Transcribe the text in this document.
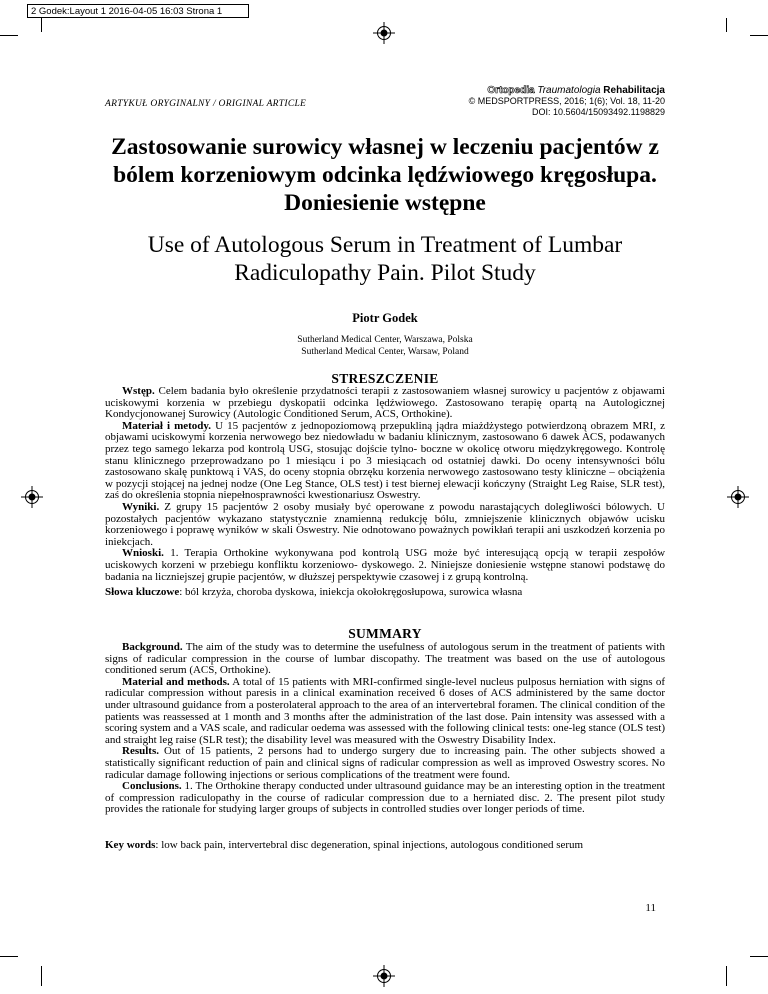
2 Godek:Layout 1 2016-04-05 16:03 Strona 1
ARTYKUŁ ORYGINALNY / ORIGINAL ARTICLE
Ortopedia Traumatologia Rehabilitacja
© MEDSPORTPRESS, 2016; 1(6); Vol. 18, 11-20
DOI: 10.5604/15093492.1198829
Zastosowanie surowicy własnej w leczeniu pacjentów z bólem korzeniowym odcinka lędźwiowego kręgosłupa. Doniesienie wstępne
Use of Autologous Serum in Treatment of Lumbar Radiculopathy Pain. Pilot Study
Piotr Godek
Sutherland Medical Center, Warszawa, Polska
Sutherland Medical Center, Warsaw, Poland
STRESZCZENIE

Wstęp. Celem badania było określenie przydatności terapii z zastosowaniem własnej surowicy u pacjentów z objawami uciskowymi korzenia w przebiegu dyskopatii odcinka lędźwiowego. Zastosowano terapię opartą na Autologicznej Kondycjonowanej Surowicy (Autologic Conditioned Serum, ACS, Orthokine).

Materiał i metody. U 15 pacjentów z jednopoziomową przepukliną jądra miażdżystego potwierdzoną obrazem MRI, z objawami uciskowymi korzenia nerwowego bez niedowładu w badaniu klinicznym, zastosowano 6 dawek ACS, podawanych przez tego samego lekarza pod kontrolą USG, stosując dojście tylno- boczne w okolicę otworu międzykręgowego. Kontrolę stanu klinicznego przeprowadzano po 1 miesiącu i po 3 miesiącach od ostatniej dawki. Do oceny intensywności bólu zastosowano skalę punktową i VAS, do oceny stopnia obrzęku korzenia nerwowego zastosowano testy kliniczne – obciążenia w pozycji stojącej na jednej nodze (One Leg Stance, OLS test) i test biernej elewacji kończyny (Straight Leg Raise, SLR test), zaś do określenia stopnia niepełnosprawności kwestionariusz Oswestry.

Wyniki. Z grupy 15 pacjentów 2 osoby musiały być operowane z powodu narastających dolegliwości bólowych. U pozostałych pacjentów wykazano statystycznie znamienną redukcję bólu, zmniejszenie klinicznych objawów ucisku korzeniowego i poprawę wyników w skali Oswestry. Nie odnotowano poważnych powikłań terapii ani uszkodzeń korzenia po iniekcjach.

Wnioski. 1. Terapia Orthokine wykonywana pod kontrolą USG może być interesującą opcją w terapii zespołów uciskowych korzeni w przebiegu konfliktu korzeniowo- dyskowego. 2. Niniejsze doniesienie wstępne stanowi podstawę do badania na liczniejszej grupie pacjentów, w dłuższej perspektywie czasowej i z grupą kontrolną.

Słowa kluczowe: ból krzyża, choroba dyskowa, iniekcja okołokręgosłupowa, surowica własna
SUMMARY

Background. The aim of the study was to determine the usefulness of autologous serum in the treatment of patients with signs of radicular compression in the course of lumbar discopathy. The treatment was based on the use of autologous conditioned serum (ACS, Orthokine).

Material and methods. A total of 15 patients with MRI-confirmed single-level nucleus pulposus herniation with signs of radicular compression without paresis in a clinical examination received 6 doses of ACS administered by the same doctor under ultrasound guidance from a posterolateral approach to the area of an intervertebral foramen. The clinical condition of the patients was reassessed at 1 month and 3 months after the administration of the last dose. Pain intensity was assessed with a scoring system and a VAS scale, and radicular oedema was assessed with the following clinical tests: one-leg stance (OLS test) and straight leg raise (SLR test); the disability level was measured with the Oswestry Disability Index.

Results. Out of 15 patients, 2 persons had to undergo surgery due to increasing pain. The other subjects showed a statistically significant reduction of pain and clinical signs of radicular compression as well as improved Oswestry scores. No radicular damage following injections or serious complications of the treatment were found.

Conclusions. 1. The Orthokine therapy conducted under ultrasound guidance may be an interesting option in the treatment of compression radiculopathy in the course of radicular compression due to a herniated disc. 2. The present pilot study provides the rationale for studying larger groups of subjects in controlled studies over longer periods of time.

Key words: low back pain, intervertebral disc degeneration, spinal injections, autologous conditioned serum
11
